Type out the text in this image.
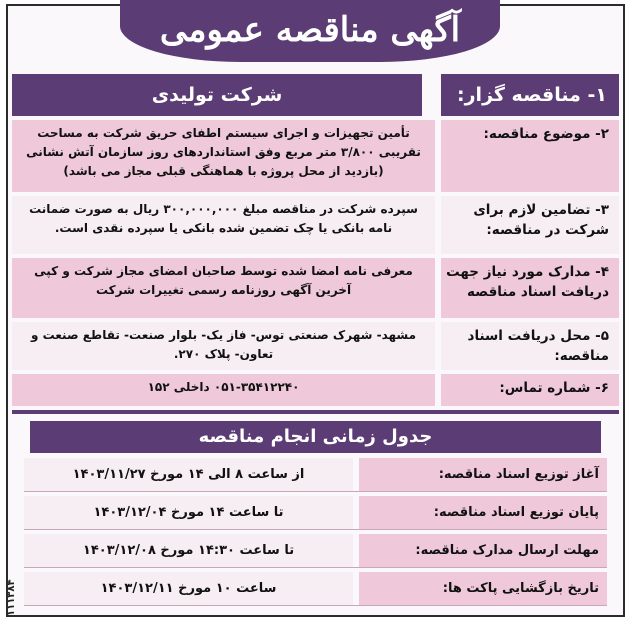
آگهی مناقصه عمومی
۱- مناقصه گزار:
شرکت تولیدی
۲- موضوع مناقصه:
تأمین تجهیزات و اجرای سیستم اطفای حریق شرکت به مساحت تقریبی ۳/۸۰۰ متر مربع وفق استانداردهای روز سازمان آتش نشانی (بازدید از محل پروژه با هماهنگی قبلی مجاز می باشد)
۳- تضامین لازم برای شرکت در مناقصه:
سپرده شرکت در مناقصه مبلغ ۳۰۰,۰۰۰,۰۰۰ ریال به صورت ضمانت نامه بانکی یا چک تضمین شده بانکی یا سپرده نقدی است.
۴- مدارک مورد نیاز جهت دریافت اسناد مناقصه
معرفی نامه امضا شده توسط صاحبان امضای مجاز شرکت و کپی آخرین آگهی روزنامه رسمی تغییرات شرکت
۵- محل دریافت اسناد مناقصه:
مشهد- شهرک صنعتی توس- فاز یک- بلوار صنعت- تقاطع صنعت و تعاون- پلاک ۲۷۰.
۶- شماره تماس:
۰۵۱-۳۵۴۱۲۲۴۰ داخلی ۱۵۲
جدول زمانی انجام مناقصه
آغاز توزیع اسناد مناقصه:
از ساعت ۸ الی ۱۴ مورخ ۱۴۰۳/۱۱/۲۷
پایان توزیع اسناد مناقصه:
تا ساعت ۱۴ مورخ ۱۴۰۳/۱۲/۰۴
مهلت ارسال مدارک مناقصه:
تا ساعت ۱۴:۳۰ مورخ ۱۴۰۳/۱۲/۰۸
تاریخ بازگشایی پاکت ها:
ساعت ۱۰ مورخ ۱۴۰۳/۱۲/۱۱
۱۱۱۳۸۴
